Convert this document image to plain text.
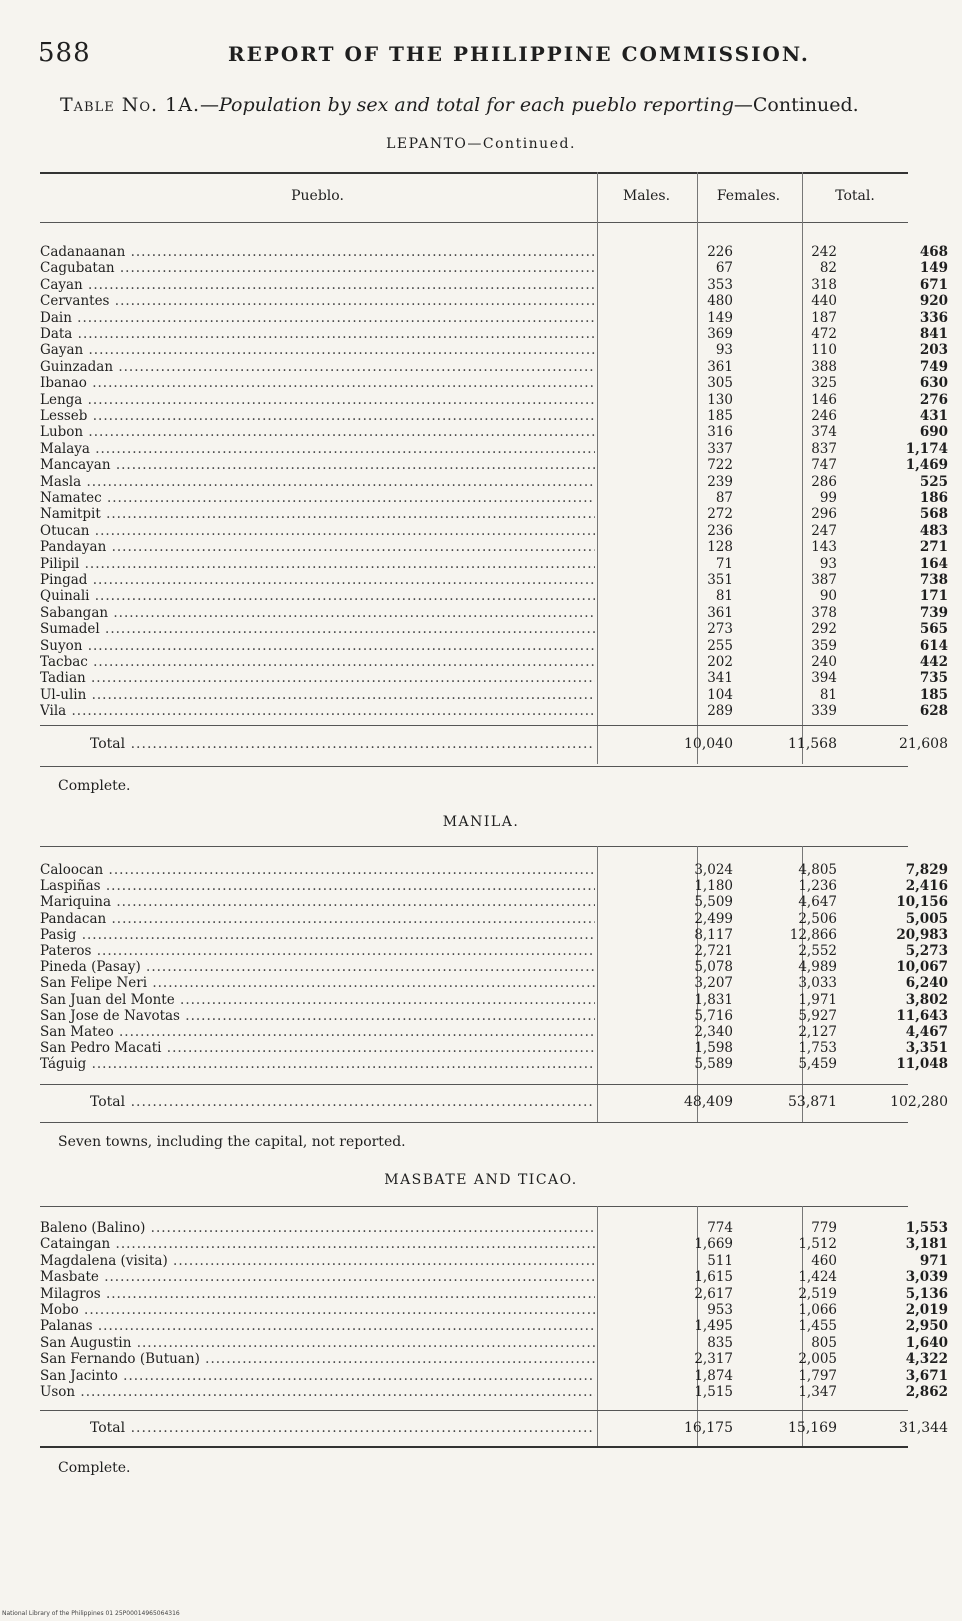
588	REPORT OF THE PHILIPPINE COMMISSION.
Table No. 1A.—Population by sex and total for each pueblo reporting—Continued.
LEPANTO—Continued.
Pueblo.	Males.	Females.	Total.
Cadanaanan .....	226	242	468
Cagubatan .....	67	82	149
Cayan .....	353	318	671
Cervantes .....	480	440	920
Dain .....	149	187	336
Data .....	369	472	841
Gayan .....	93	110	203
Guinzadan .....	361	388	749
Ibanao .....	305	325	630
Lenga .....	130	146	276
Lesseb .....	185	246	431
Lubon .....	316	374	690
Malaya .....	337	837	1,174
Mancayan .....	722	747	1,469
Masla .....	239	286	525
Namatec .....	87	99	186
Namitpit .....	272	296	568
Otucan .....	236	247	483
Pandayan .....	128	143	271
Pilipil .....	71	93	164
Pingad .....	351	387	738
Quinali .....	81	90	171
Sabangan .....	361	378	739
Sumadel .....	273	292	565
Suyon .....	255	359	614
Tacbac .....	202	240	442
Tadian .....	341	394	735
Ul-ulin .....	104	81	185
Vila .....	289	339	628
Total .....	10,040	11,568	21,608
Complete.
MANILA.
Caloocan .....	3,024	4,805	7,829
Laspiñas .....	1,180	1,236	2,416
Mariquina .....	5,509	4,647	10,156
Pandacan .....	2,499	2,506	5,005
Pasig .....	8,117	12,866	20,983
Pateros .....	2,721	2,552	5,273
Pineda (Pasay) .....	5,078	4,989	10,067
San Felipe Neri .....	3,207	3,033	6,240
San Juan del Monte .....	1,831	1,971	3,802
San Jose de Navotas .....	5,716	5,927	11,643
San Mateo .....	2,340	2,127	4,467
San Pedro Macati .....	1,598	1,753	3,351
Táguig .....	5,589	5,459	11,048
Total .....	48,409	53,871	102,280
Seven towns, including the capital, not reported.
MASBATE AND TICAO.
Baleno (Balino) .....	774	779	1,553
Cataingan .....	1,669	1,512	3,181
Magdalena (visita) .....	511	460	971
Masbate .....	1,615	1,424	3,039
Milagros .....	2,617	2,519	5,136
Mobo .....	953	1,066	2,019
Palanas .....	1,495	1,455	2,950
San Augustin .....	835	805	1,640
San Fernando (Butuan) .....	2,317	2,005	4,322
San Jacinto .....	1,874	1,797	3,671
Uson .....	1,515	1,347	2,862
Total .....	16,175	15,169	31,344
Complete.
National Library of the Philippines 01 25P00014965064316
